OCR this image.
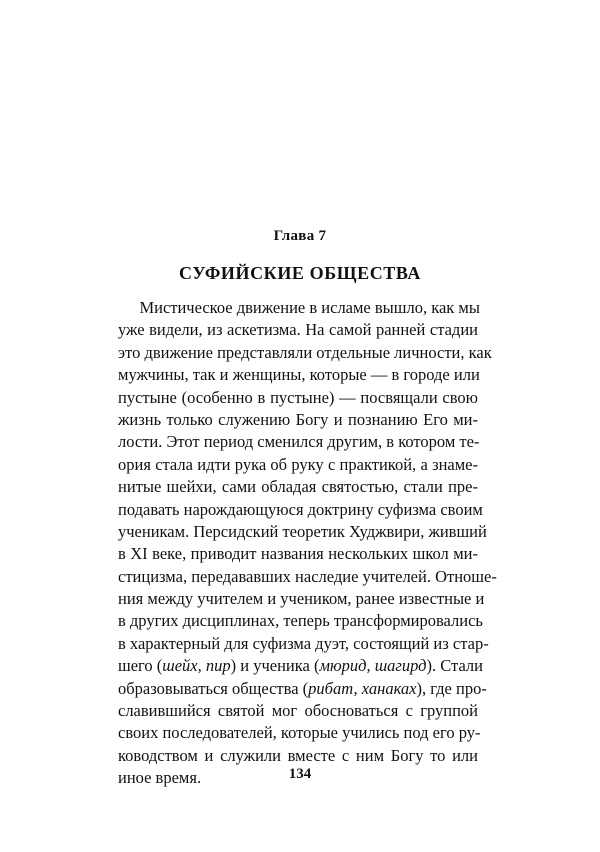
Глава 7
СУФИЙСКИЕ ОБЩЕСТВА
Мистическое движение в исламе вышло, как мы
уже видели, из аскетизма. На самой ранней стадии
это движение представляли отдельные личности, как
мужчины, так и женщины, которые — в городе или
пустыне (особенно в пустыне) — посвящали свою
жизнь только служению Богу и познанию Его ми-
лости. Этот период сменился другим, в котором те-
ория стала идти рука об руку с практикой, а знаме-
нитые шейхи, сами обладая святостью, стали пре-
подавать нарождающуюся доктрину суфизма своим
ученикам. Персидский теоретик Худжвири, живший
в XI веке, приводит названия нескольких школ ми-
стицизма, передававших наследие учителей. Отноше-
ния между учителем и учеником, ранее известные и
в других дисциплинах, теперь трансформировались
в характерный для суфизма дуэт, состоящий из стар-
шего (шейх, пир) и ученика (мюрид, шагирд). Стали
образовываться общества (рибат, ханаках), где про-
славившийся святой мог обосноваться с группой
своих последователей, которые учились под его ру-
ководством и служили вместе с ним Богу то или
иное время.	134
